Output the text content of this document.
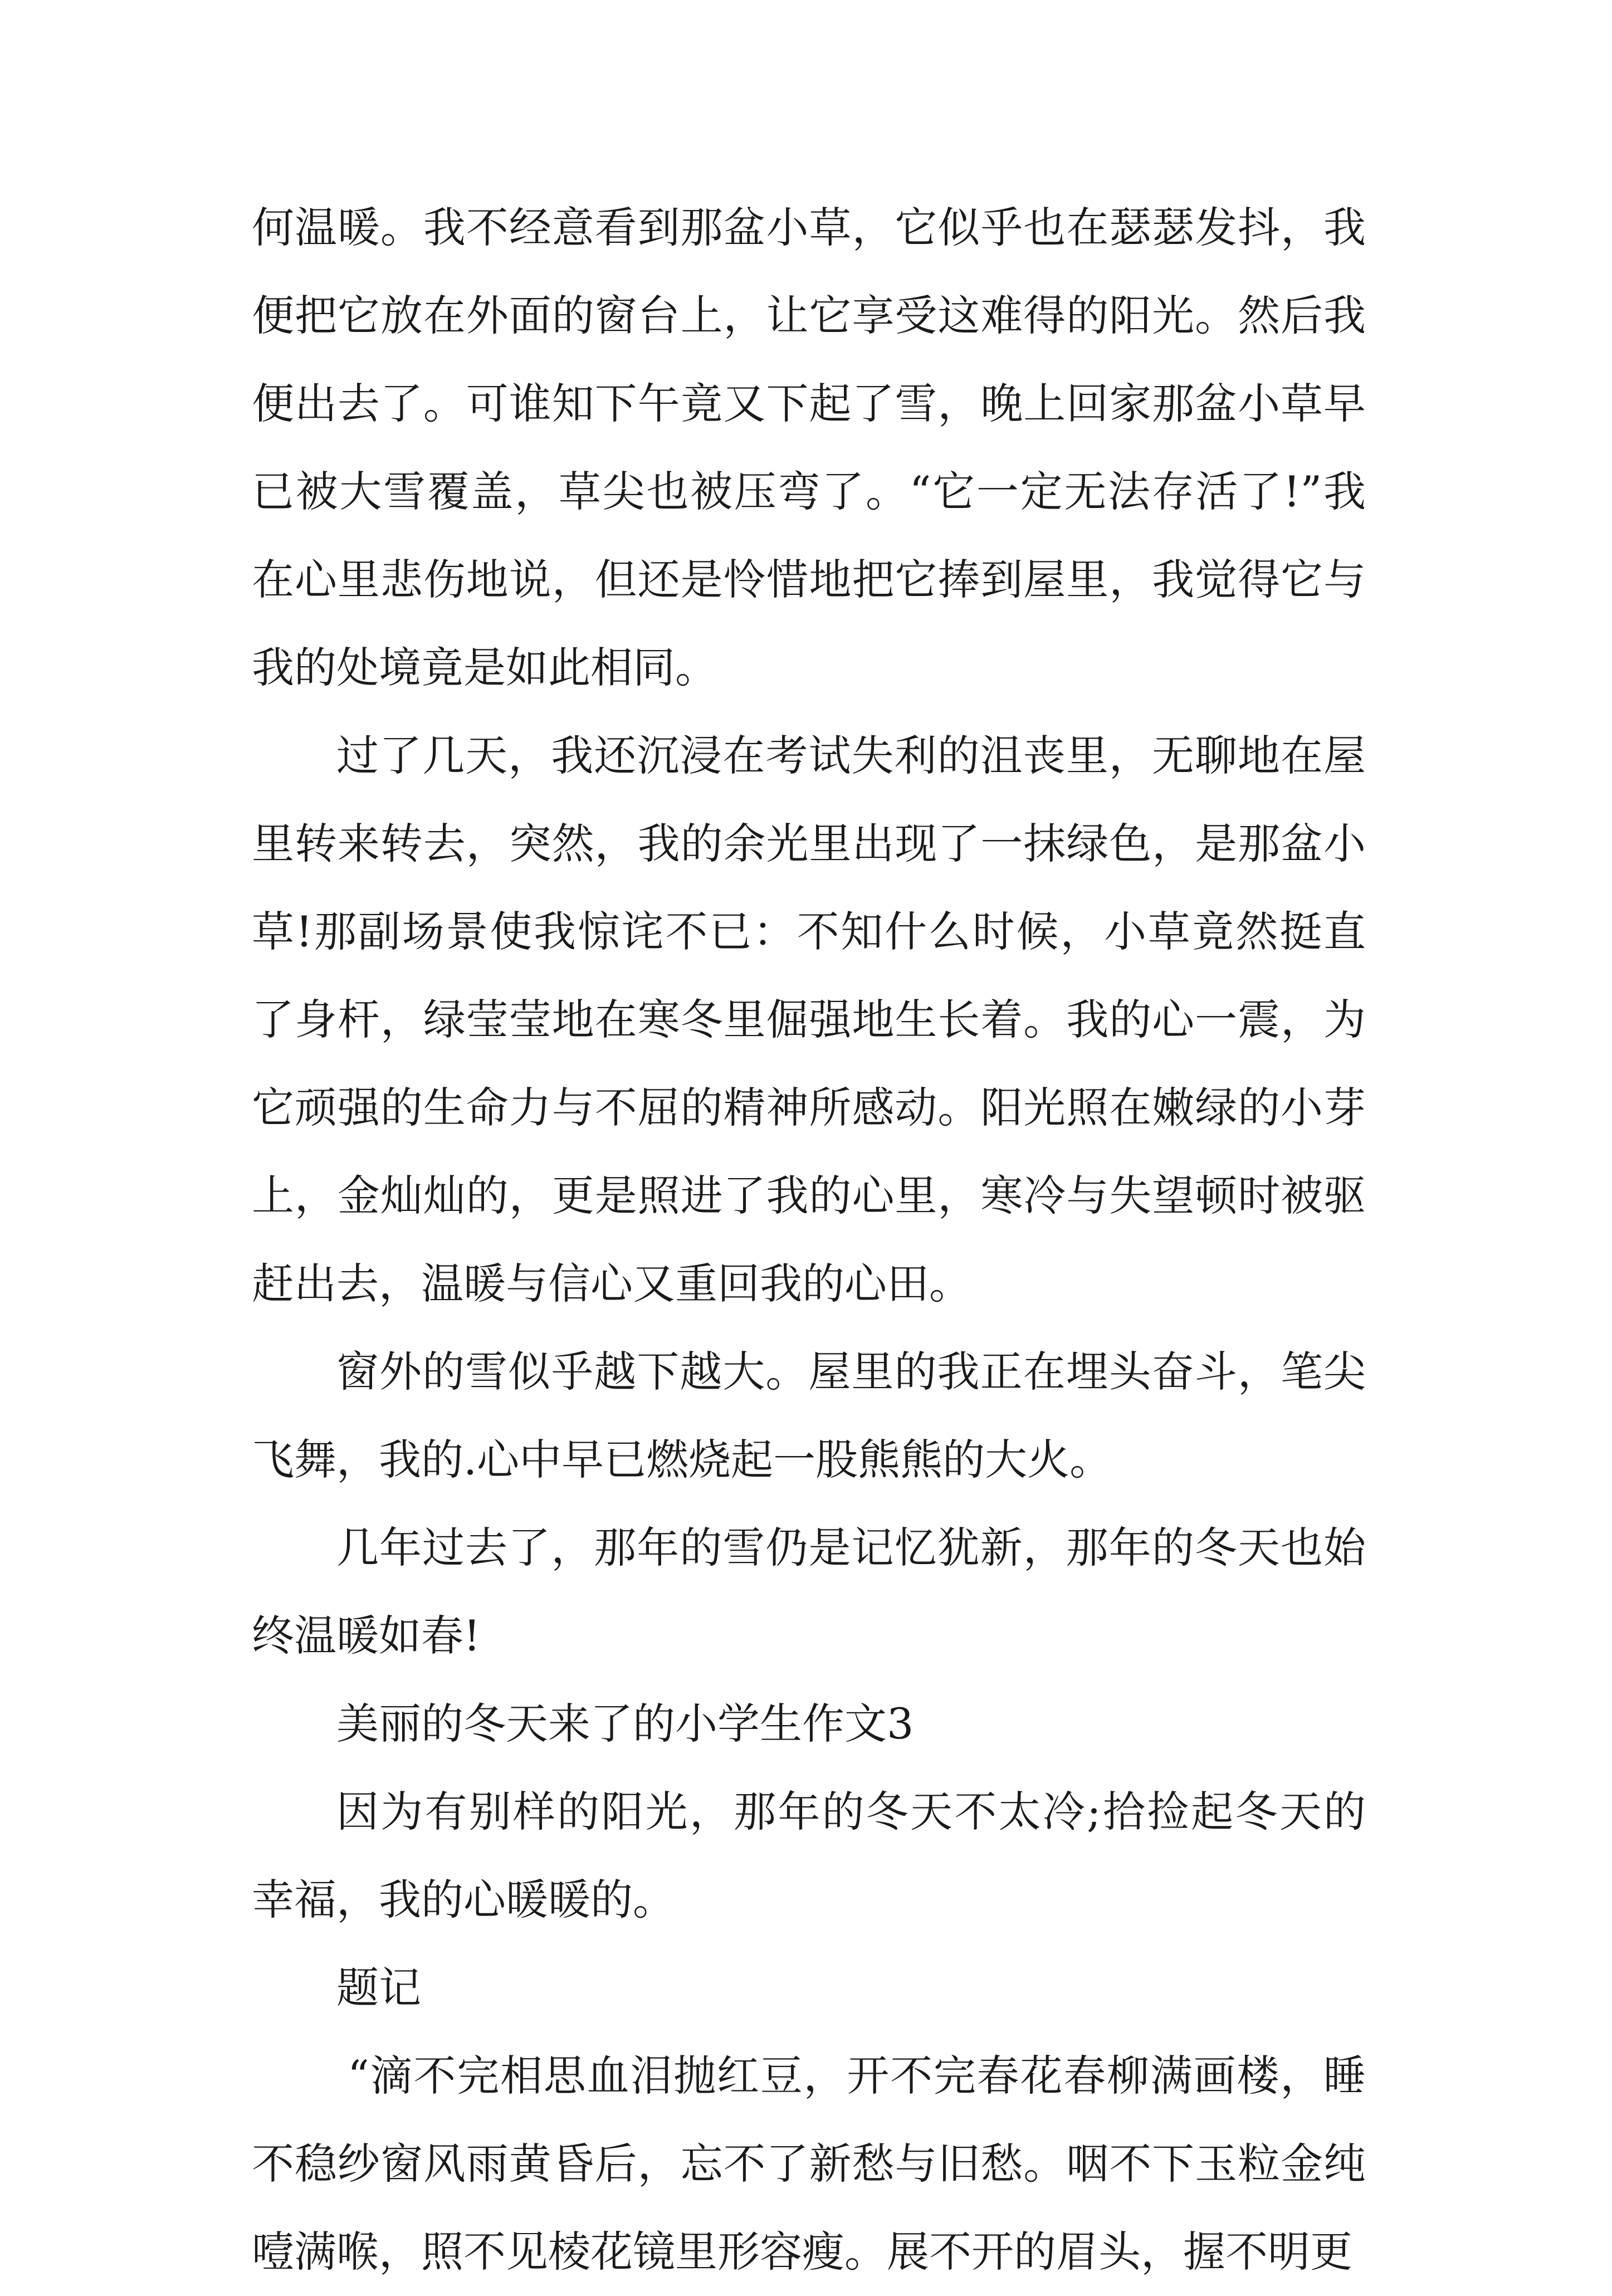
何温暖。我不经意看到那盆小草，它似乎也在瑟瑟发抖，我便把它放在外面的窗台上，让它享受这难得的阳光。然后我便出去了。可谁知下午竟又下起了雪，晚上回家那盆小草早已被大雪覆盖，草尖也被压弯了。“它一定无法存活了!”我在心里悲伤地说，但还是怜惜地把它捧到屋里，我觉得它与我的处境竟是如此相同。

过了几天，我还沉浸在考试失利的沮丧里，无聊地在屋里转来转去，突然，我的余光里出现了一抹绿色，是那盆小草!那副场景使我惊诧不已：不知什么时候，小草竟然挺直了身杆，绿莹莹地在寒冬里倔强地生长着。我的心一震，为它顽强的生命力与不屈的精神所感动。阳光照在嫩绿的小芽上，金灿灿的，更是照进了我的心里，寒冷与失望顿时被驱赶出去，温暖与信心又重回我的心田。

窗外的雪似乎越下越大。屋里的我正在埋头奋斗，笔尖飞舞，我的.心中早已燃烧起一股熊熊的大火。

几年过去了，那年的雪仍是记忆犹新，那年的冬天也始终温暖如春!

美丽的冬天来了的小学生作文3

因为有别样的阳光，那年的冬天不太冷;拾捡起冬天的幸福，我的心暖暖的。

题记

“滴不完相思血泪抛红豆，开不完春花春柳满画楼，睡不稳纱窗风雨黄昏后，忘不了新愁与旧愁。咽不下玉粒金纯噎满喉，照不见棱花镜里形容瘦。展不开的眉头，握不明更
